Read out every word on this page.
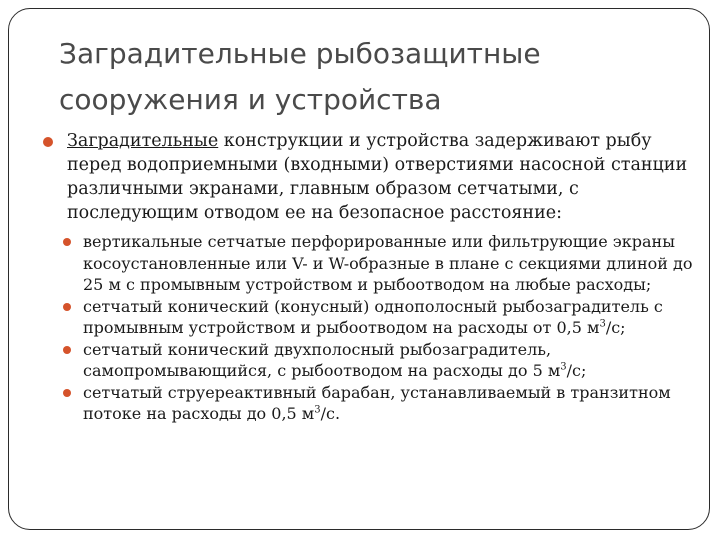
Заградительные рыбозащитные
сооружения и устройства
Заградительные конструкции и устройства задерживают рыбу перед водоприемными (входными) отверстиями насосной станции различными экранами, главным образом сетчатыми, с последующим отводом ее на безопасное расстояние:
вертикальные сетчатые перфорированные или фильтрующие экраны косоустановленные или V- и W-образные в плане с секциями длиной до 25 м с промывным устройством и рыбоотводом на любые расходы;
сетчатый конический (конусный) однополосный рыбозаградитель с промывным устройством и рыбоотводом на расходы от 0,5 $м^3/с$;
сетчатый конический двухполосный рыбозаградитель, самопромывающийся, с рыбоотводом на расходы до 5 $м^3/с$;
сетчатый струереактивный барабан, устанавливаемый в транзитном потоке на расходы до 0,5 $м^3/с$.
